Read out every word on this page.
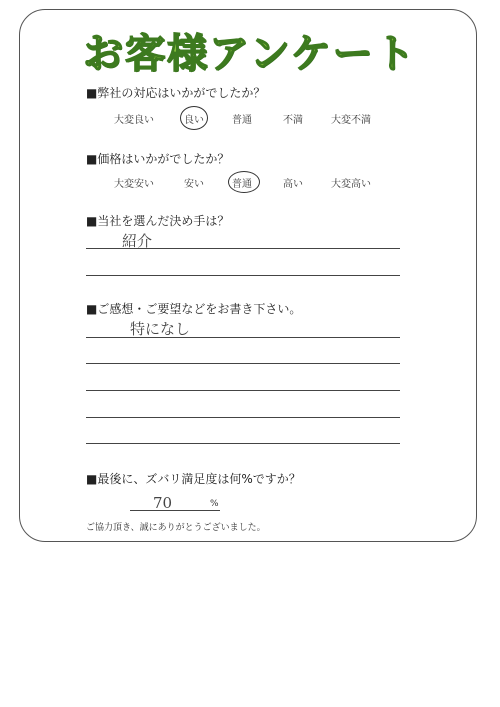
お客様アンケート
■弊社の対応はいかがでしたか？
大変良い	良い	普通	不満	大変不満
■価格はいかがでしたか？
大変安い	安い	普通	高い	大変高い
■当社を選んだ決め手は？
紹介
■ご感想・ご要望などをお書き下さい。
特になし
■最後に、ズバリ満足度は何%ですか？
70	%
ご協力頂き、誠にありがとうございました。
